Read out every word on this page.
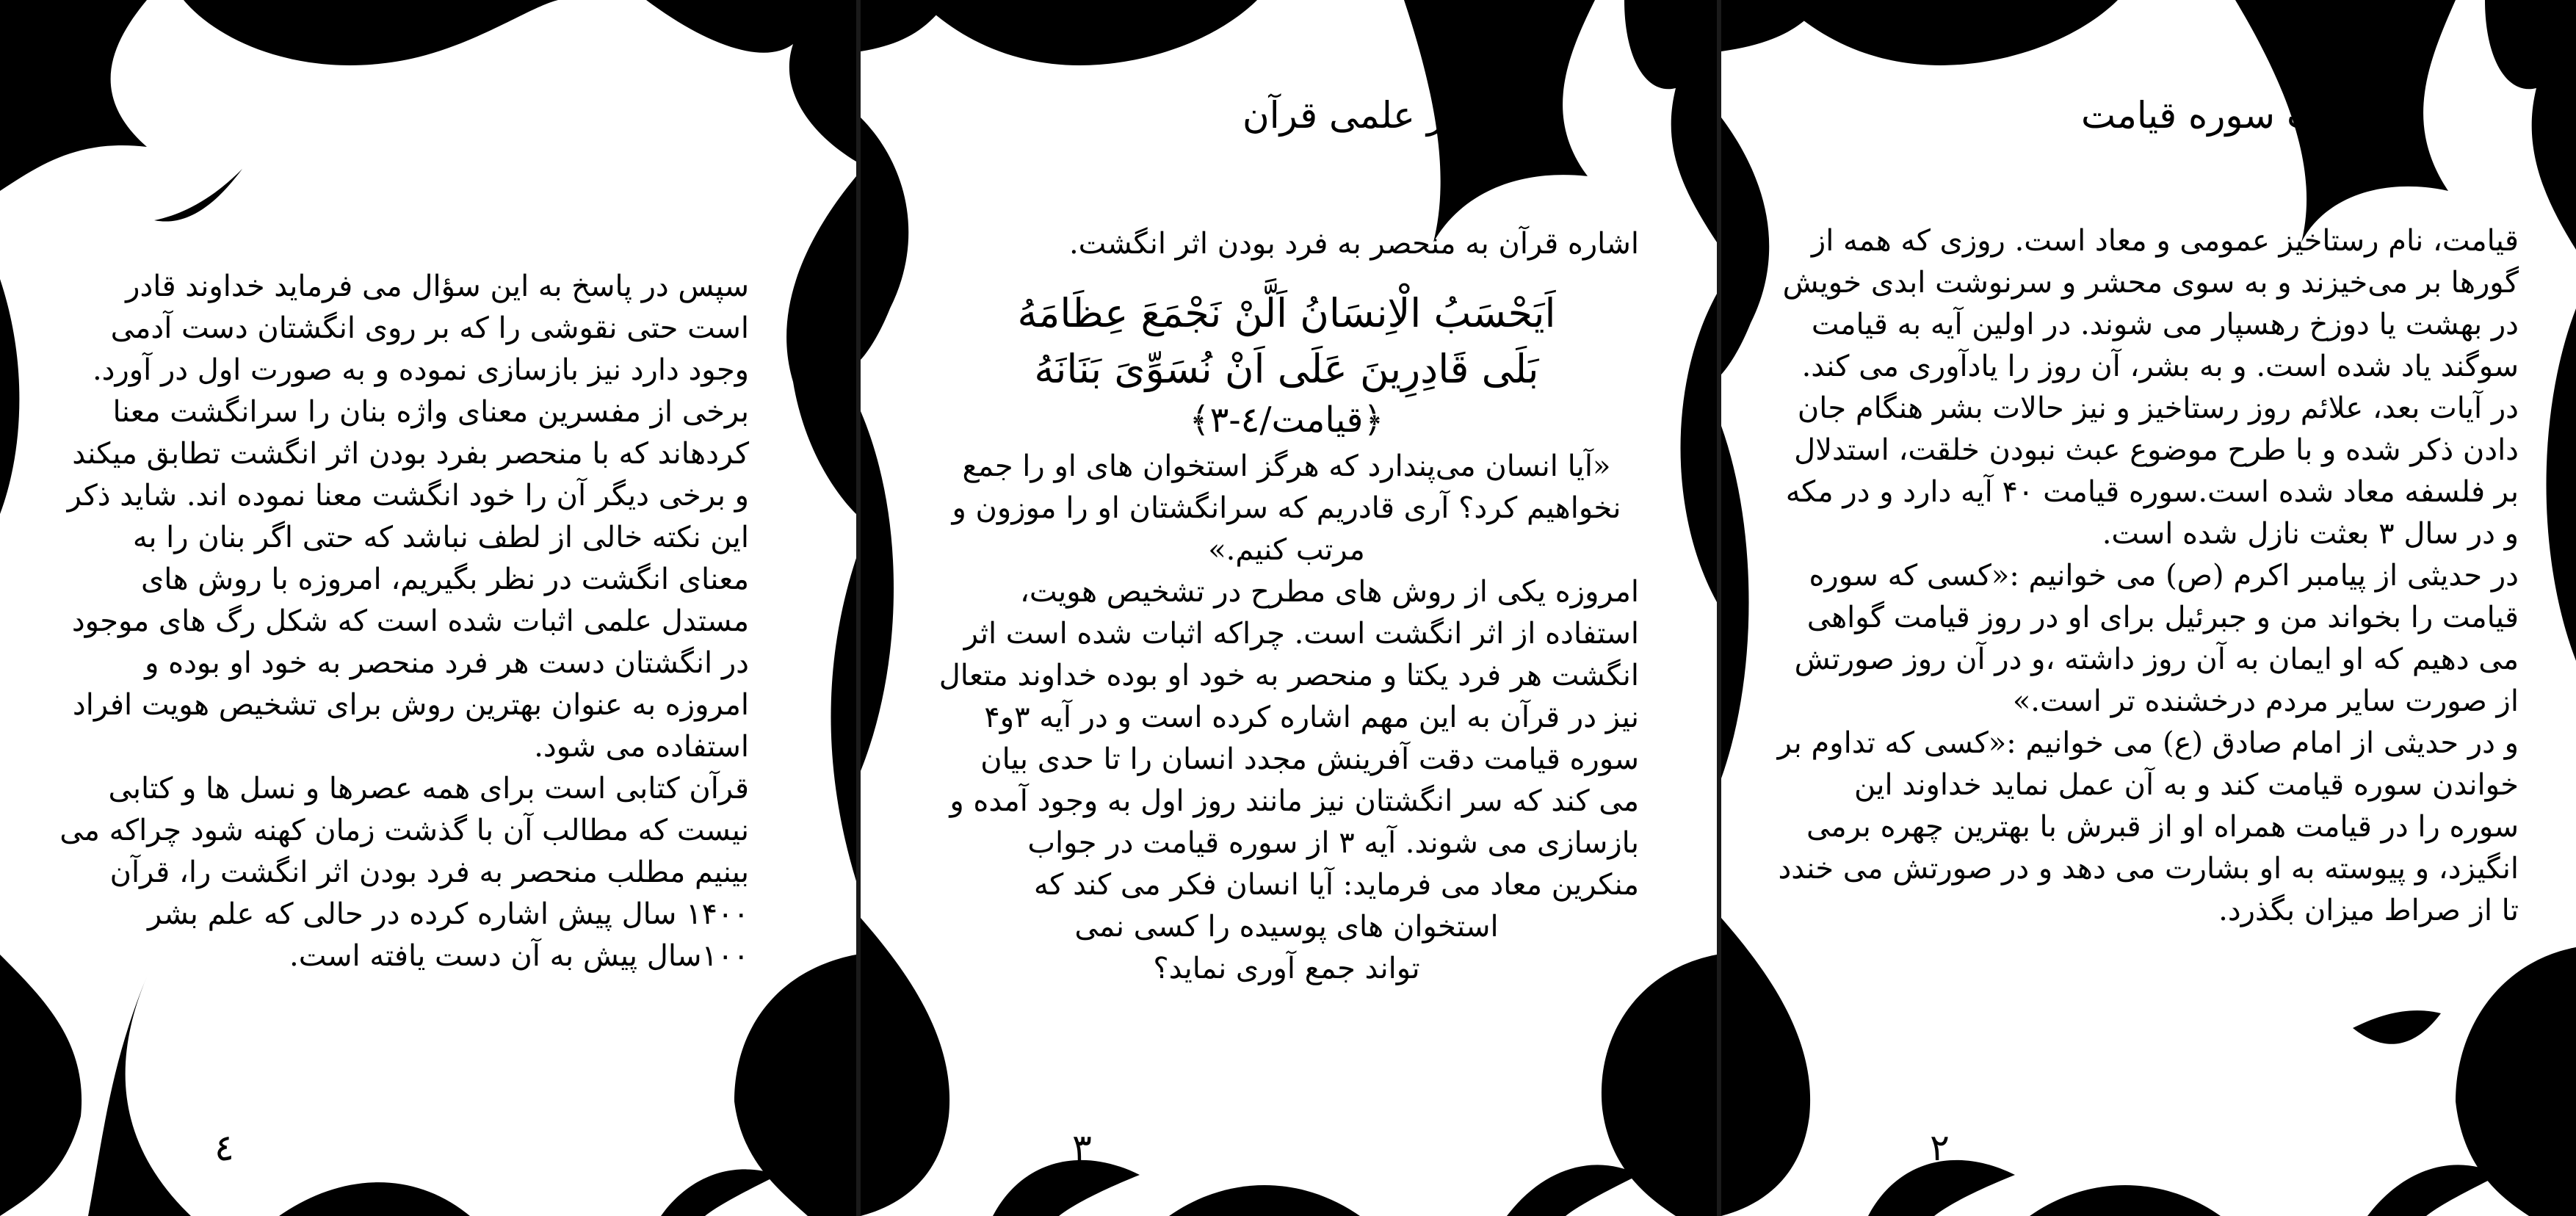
سپس در پاسخ به این سؤال می فرماید خداوند قادر است حتی نقوشی را که بر روی انگشتان دست آدمی وجود دارد نیز بازسازی نموده و به صورت اول در آورد.

برخی از مفسرین معنای واژه بنان را سرانگشت معنا کردهاند که با منحصر بفرد بودن اثر انگشت تطابق میکند و برخی دیگر آن را خود انگشت معنا نموده اند. شاید ذکر این نکته خالی از لطف نباشد که حتی اگر بنان را به معنای انگشت در نظر بگیریم، امروزه با روش های مستدل علمی اثبات شده است که شکل رگ های موجود در انگشتان دست هر فرد منحصر به خود او بوده و امروزه به عنوان بهترین روش برای تشخیص هویت افراد استفاده می شود.

قرآن کتابی است برای همه عصرها و نسل ها و کتابی نیست که مطالب آن با گذشت زمان کهنه شود چراکه می بینیم مطلب منحصر به فرد بودن اثر انگشت را، قرآن ۱۴۰۰ سال پیش اشاره کرده در حالی که علم بشر ۱۰۰سال پیش به آن دست یافته است.

٤
اعجاز علمی قرآن

اشاره قرآن به منحصر به فرد بودن اثر انگشت.

اَیَحْسَبُ الْاِنسَانُ اَلَّنْ نَجْمَعَ عِظَامَهُ

بَلَی قَادِرِینَ عَلَی اَنْ نُسَوِّیَ بَنَانَهُ

﴿قیامت/٤-٣﴾

«آیا انسان می‌پندارد که هرگز استخوان های او را جمع نخواهیم کرد؟ آری قادریم که سرانگشتان او را موزون و مرتب کنیم.»

امروزه یکی از روش های مطرح در تشخیص هویت، استفاده از اثر انگشت است. چراکه اثبات شده است اثر انگشت هر فرد یکتا و منحصر به خود او بوده خداوند متعال نیز در قرآن به این مهم اشاره کرده است و در آیه ۳و۴ سوره قیامت دقت آفرینش مجدد انسان را تا حدی بیان می کند که سر انگشتان نیز مانند روز اول به وجود آمده و بازسازی می شوند. آیه ۳ از سوره قیامت در جواب منکرین معاد می فرماید: آیا انسان فکر می کند که

استخوان های پوسیده را کسی نمی تواند جمع آوری نماید؟

٣
فضیلت سوره قیامت

قیامت، نام رستاخیز عمومی و معاد است. روزی که همه از گورها بر می‌خیزند و به سوی محشر و سرنوشت ابدی خویش در بهشت یا دوزخ رهسپار می شوند. در اولین آیه به قیامت سوگند یاد شده است. و به بشر، آن روز را یادآوری می کند.

در آیات بعد، علائم روز رستاخیز و نیز حالات بشر هنگام جان دادن ذکر شده و با طرح موضوع عبث نبودن خلقت، استدلال بر فلسفه معاد شده است.سوره قیامت ۴۰ آیه دارد و در مکه و در سال ۳ بعثت نازل شده است.

در حدیثی از پیامبر اکرم (ص) می خوانیم :«کسی که سوره قیامت را بخواند من و جبرئیل برای او در روز قیامت گواهی می دهیم که او ایمان به آن روز داشته ،و در آن روز صورتش از صورت سایر مردم درخشنده تر است.»

و در حدیثی از امام صادق (ع) می خوانیم :«کسی که تداوم بر خواندن سوره قیامت کند و به آن عمل نماید خداوند این سوره را در قیامت همراه او از قبرش با بهترین چهره برمی انگیزد، و پیوسته به او بشارت می دهد و در صورتش می خندد تا از صراط میزان بگذرد.

......
٢
